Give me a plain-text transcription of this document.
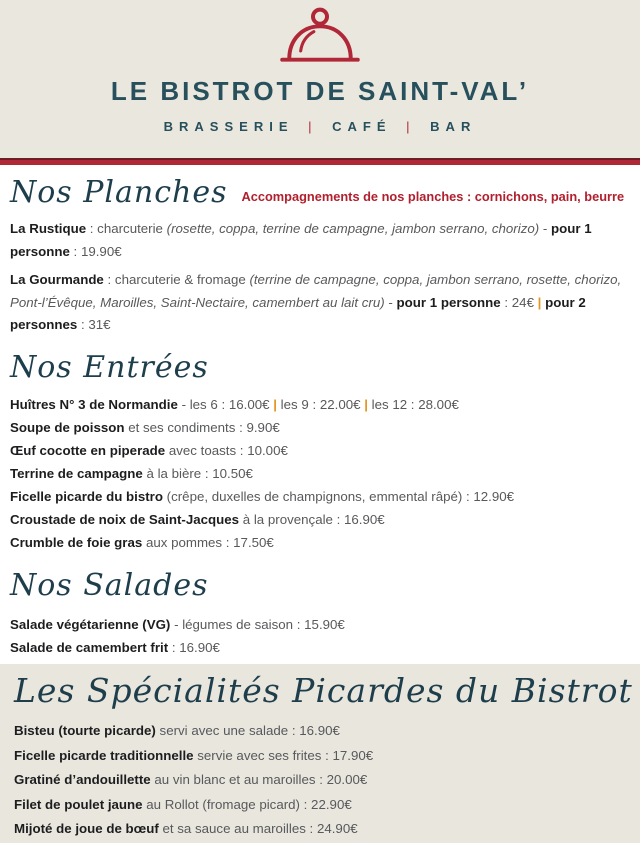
LE BISTROT DE SAINT-VAL’
BRASSERIE | CAFÉ | BAR
Nos Planches Accompagnements de nos planches : cornichons, pain, beurre

La Rustique : charcuterie (rosette, coppa, terrine de campagne, jambon serrano, chorizo) - pour 1 personne : 19.90€

La Gourmande : charcuterie & fromage (terrine de campagne, coppa, jambon serrano, rosette, chorizo, Pont-l’Évêque, Maroilles, Saint-Nectaire, camembert au lait cru) - pour 1 personne : 24€ | pour 2 personnes : 31€

Nos Entrées

Huîtres N° 3 de Normandie - les 6 : 16.00€ | les 9 : 22.00€ | les 12 : 28.00€

Soupe de poisson et ses condiments : 9.90€

Œuf cocotte en piperade avec toasts : 10.00€

Terrine de campagne à la bière : 10.50€

Ficelle picarde du bistro (crêpe, duxelles de champignons, emmental râpé) : 12.90€

Croustade de noix de Saint-Jacques à la provençale : 16.90€

Crumble de foie gras aux pommes : 17.50€

Nos Salades

Salade végétarienne (VG) - légumes de saison : 15.90€

Salade de camembert frit : 16.90€

Les Spécialités Picardes du Bistrot

Bisteu (tourte picarde) servi avec une salade : 16.90€

Ficelle picarde traditionnelle servie avec ses frites : 17.90€

Gratiné d’andouillette au vin blanc et au maroilles : 20.00€

Filet de poulet jaune au Rollot (fromage picard) : 22.90€

Mijoté de joue de bœuf et sa sauce au maroilles : 24.90€
